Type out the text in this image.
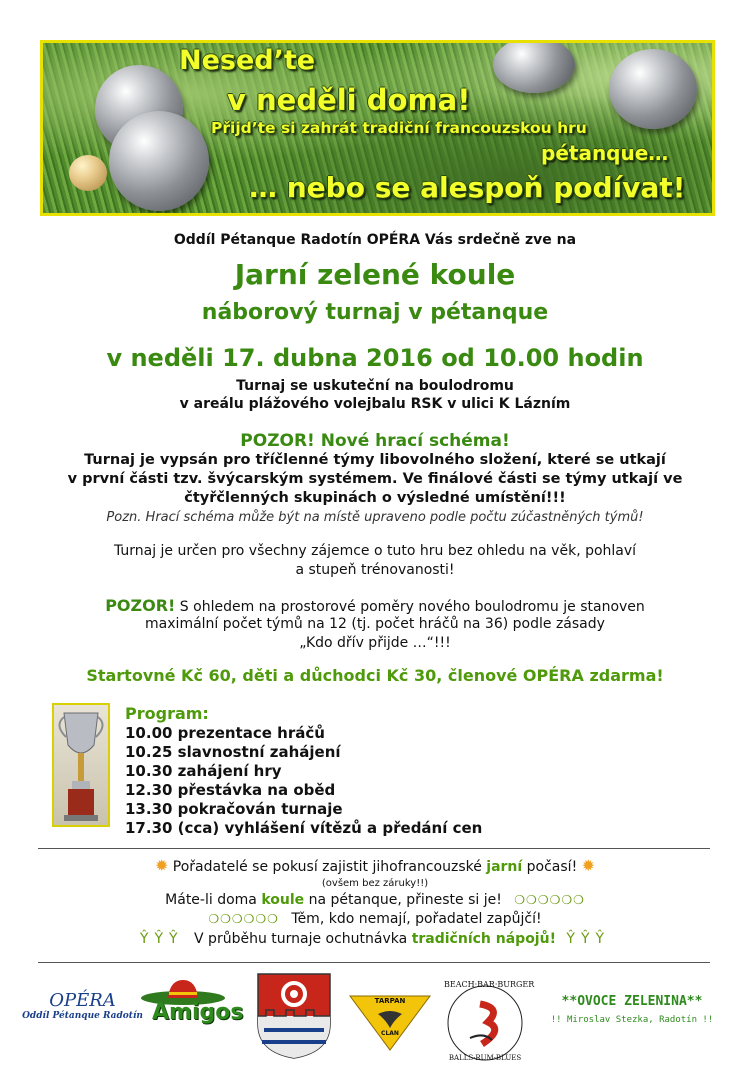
Nesed’te
v neděli doma!
Přijd’te si zahrát tradiční francouzskou hru
pétanque…
… nebo se alespoň podívat!
Oddíl Pétanque Radotín OPÉRA Vás srdečně zve na
Jarní zelené koule
náborový turnaj v pétanque
v neděli 17. dubna 2016 od 10.00 hodin
Turnaj se uskuteční na boulodromu
v areálu plážového volejbalu RSK v ulici K Lázním
POZOR! Nové hrací schéma!
Turnaj je vypsán pro tříčlenné týmy libovolného složení, které se utkají
v první části tzv. švýcarským systémem. Ve finálové části se týmy utkají ve
čtyřčlenných skupinách o výsledné umístění!!!
Pozn. Hrací schéma může být na místě upraveno podle počtu zúčastněných týmů!
Turnaj je určen pro všechny zájemce o tuto hru bez ohledu na věk, pohlaví
a stupeň trénovanosti!
POZOR! S ohledem na prostorové poměry nového boulodromu je stanoven
maximální počet týmů na 12 (tj. počet hráčů na 36) podle zásady
„Kdo dřív přijde …“!!!
Startovné Kč 60, děti a důchodci Kč 30, členové OPÉRA zdarma!
Program:
10.00 prezentace hráčů
10.25 slavnostní zahájení
10.30 zahájení hry
12.30 přestávka na oběd
13.30 pokračován turnaje
17.30 (cca) vyhlášení vítězů a předání cen
✹ Pořadatelé se pokusí zajistit jihofrancouzské jarní počasí! ✹
(ovšem bez záruky!!)
Máte-li doma koule na pétanque, přineste si je! ❍❍❍❍❍❍
❍❍❍❍❍❍ Těm, kdo nemají, pořadatel zapůjčí!
ŶŶŶ V průběhu turnaje ochutnávka tradičních nápojů! ŶŶŶ
OPÉRA
Oddíl Pétanque Radotín Amigos	TARPAN
CLAN
BEACH·BAR·BURGER
BALLS·RUM·BLUES
**OVOCE ZELENINA**
!! Miroslav Stezka, Radotín !!
